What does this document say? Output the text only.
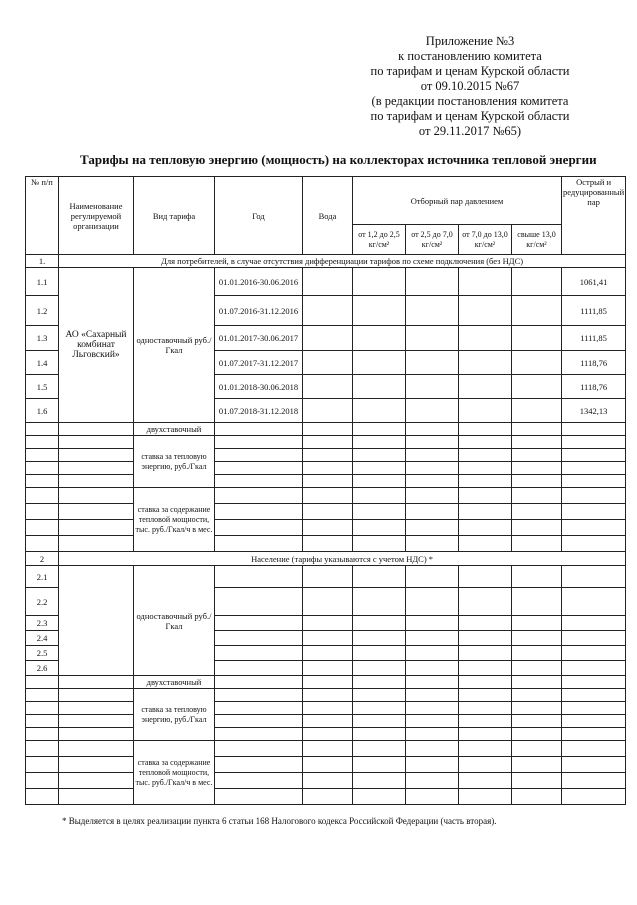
Приложение №3
к постановлению комитета
по тарифам и ценам Курской области
от 09.10.2015 №67
(в редакции постановления комитета
по тарифам и ценам Курской области
от 29.11.2017 №65)
Тарифы на тепловую энергию (мощность) на коллекторах источника тепловой энергии
№ п/п	Наименование регулируемой организации	Вид тарифа	Год	Вода	Отборный пар давлением				Острый и редуцированный пар
					от 1,2 до 2,5 кг/см²	от 2,5 до 7,0 кг/см²	от 7,0 до 13,0 кг/см²	свыше 13,0 кг/см²	
1.	Для потребителей, в случае отсутствия дифференциации тарифов по схеме подключения (без НДС)								
1.1	АО «Сахарный комбинат Льговский»	одноставочный руб./Гкал	01.01.2016-30.06.2016						1061,41
1.2			01.07.2016-31.12.2016						1111,85
1.3			01.01.2017-30.06.2017						1111,85
1.4			01.07.2017-31.12.2017						1118,76
1.5			01.01.2018-30.06.2018						1118,76
1.6			01.07.2018-31.12.2018						1342,13
		двухставочный							
		ставка за тепловую энергию, руб./Гкал							

		ставка за содержание тепловой мощности, тыс. руб./Гкал/ч в мес.							

2	Население (тарифы указываются с учетом НДС) *								
2.1		одноставочный руб./Гкал							
2.2									
2.3									
2.4									
2.5									
2.6									
		двухставочный							
		ставка за тепловую энергию, руб./Гкал							

		ставка за содержание тепловой мощности, тыс. руб./Гкал/ч в мес.							

* Выделяется в целях реализации пункта 6 статьи 168 Налогового кодекса Российской Федерации (часть вторая).
